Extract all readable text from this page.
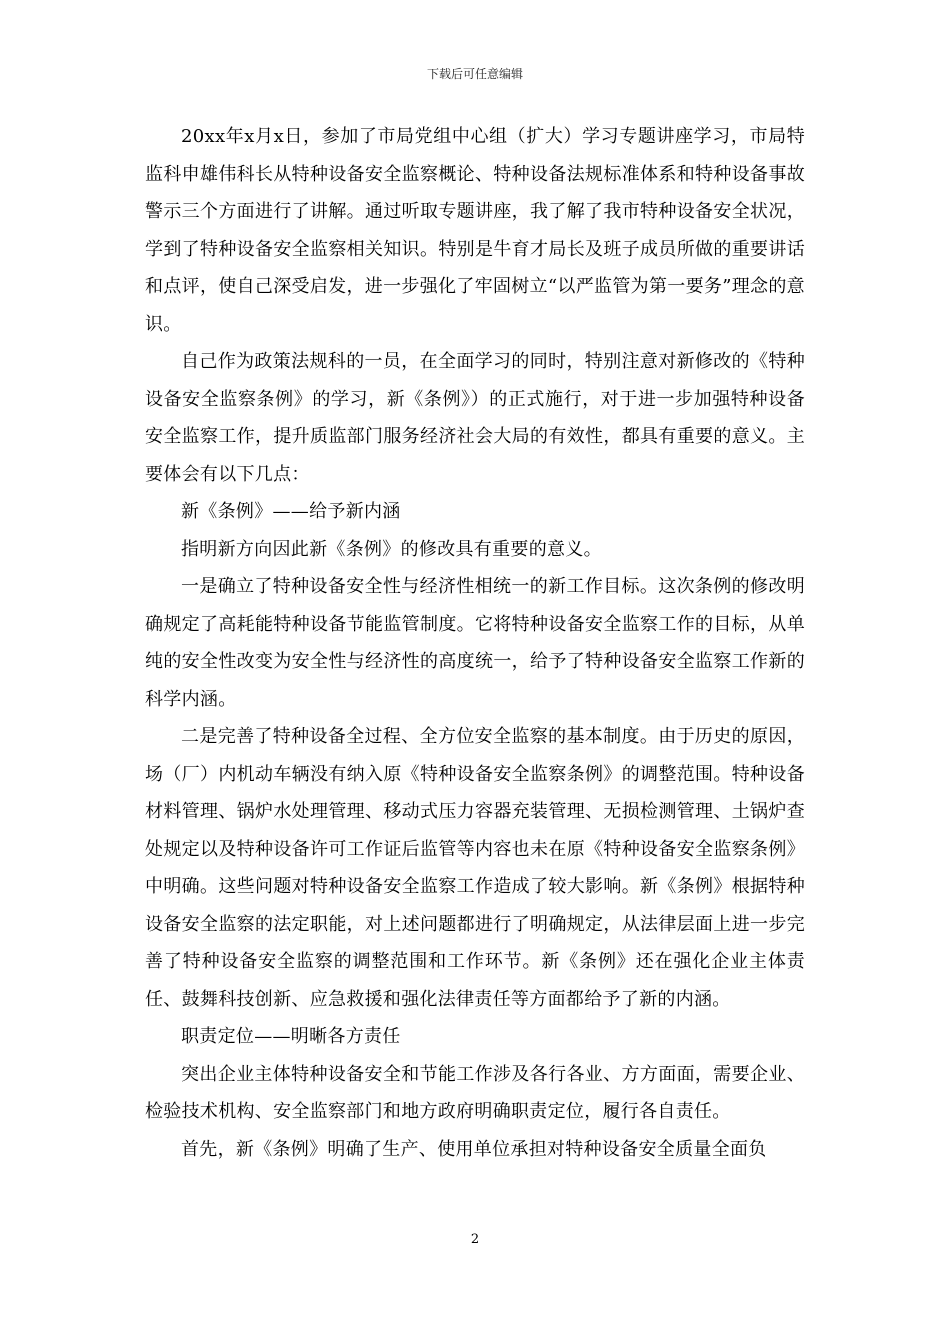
下载后可任意编辑

20xx年x月x日，参加了市局党组中心组（扩大）学习专题讲座学习，市局特监科申雄伟科长从特种设备安全监察概论、特种设备法规标准体系和特种设备事故警示三个方面进行了讲解。通过听取专题讲座，我了解了我市特种设备安全状况，学到了特种设备安全监察相关知识。特别是牛育才局长及班子成员所做的重要讲话和点评，使自己深受启发，进一步强化了牢固树立“以严监管为第一要务”理念的意识。

自己作为政策法规科的一员，在全面学习的同时，特别注意对新修改的《特种设备安全监察条例》的学习，新《条例》）的正式施行，对于进一步加强特种设备安全监察工作，提升质监部门服务经济社会大局的有效性，都具有重要的意义。主要体会有以下几点：

新《条例》——给予新内涵

指明新方向因此新《条例》的修改具有重要的意义。

一是确立了特种设备安全性与经济性相统一的新工作目标。这次条例的修改明确规定了高耗能特种设备节能监管制度。它将特种设备安全监察工作的目标，从单纯的安全性改变为安全性与经济性的高度统一，给予了特种设备安全监察工作新的科学内涵。

二是完善了特种设备全过程、全方位安全监察的基本制度。由于历史的原因，场（厂）内机动车辆没有纳入原《特种设备安全监察条例》的调整范围。特种设备材料管理、锅炉水处理管理、移动式压力容器充装管理、无损检测管理、土锅炉查处规定以及特种设备许可工作证后监管等内容也未在原《特种设备安全监察条例》中明确。这些问题对特种设备安全监察工作造成了较大影响。新《条例》根据特种设备安全监察的法定职能，对上述问题都进行了明确规定，从法律层面上进一步完善了特种设备安全监察的调整范围和工作环节。新《条例》还在强化企业主体责任、鼓舞科技创新、应急救援和强化法律责任等方面都给予了新的内涵。

职责定位——明晰各方责任

突出企业主体特种设备安全和节能工作涉及各行各业、方方面面，需要企业、检验技术机构、安全监察部门和地方政府明确职责定位，履行各自责任。

首先，新《条例》明确了生产、使用单位承担对特种设备安全质量全面负

2
